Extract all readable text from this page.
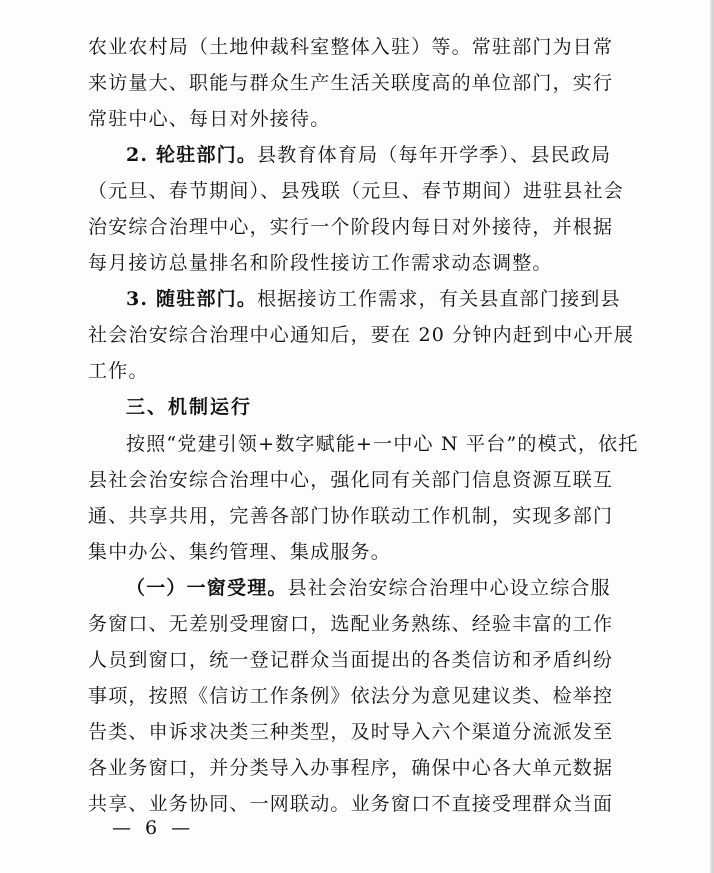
农业农村局（土地仲裁科室整体入驻）等。常驻部门为日常
来访量大、职能与群众生产生活关联度高的单位部门，实行
常驻中心、每日对外接待。
2. 轮驻部门。县教育体育局（每年开学季）、县民政局
（元旦、春节期间）、县残联（元旦、春节期间）进驻县社会
治安综合治理中心，实行一个阶段内每日对外接待，并根据
每月接访总量排名和阶段性接访工作需求动态调整。
3. 随驻部门。根据接访工作需求，有关县直部门接到县
社会治安综合治理中心通知后，要在 20 分钟内赶到中心开展
工作。
三、机制运行
按照“党建引领+数字赋能+一中心 N 平台”的模式，依托
县社会治安综合治理中心，强化同有关部门信息资源互联互
通、共享共用，完善各部门协作联动工作机制，实现多部门
集中办公、集约管理、集成服务。
（一）一窗受理。县社会治安综合治理中心设立综合服
务窗口、无差别受理窗口，选配业务熟练、经验丰富的工作
人员到窗口，统一登记群众当面提出的各类信访和矛盾纠纷
事项，按照《信访工作条例》依法分为意见建议类、检举控
告类、申诉求决类三种类型，及时导入六个渠道分流派发至
各业务窗口，并分类导入办事程序，确保中心各大单元数据
共享、业务协同、一网联动。业务窗口不直接受理群众当面
— 6 —
